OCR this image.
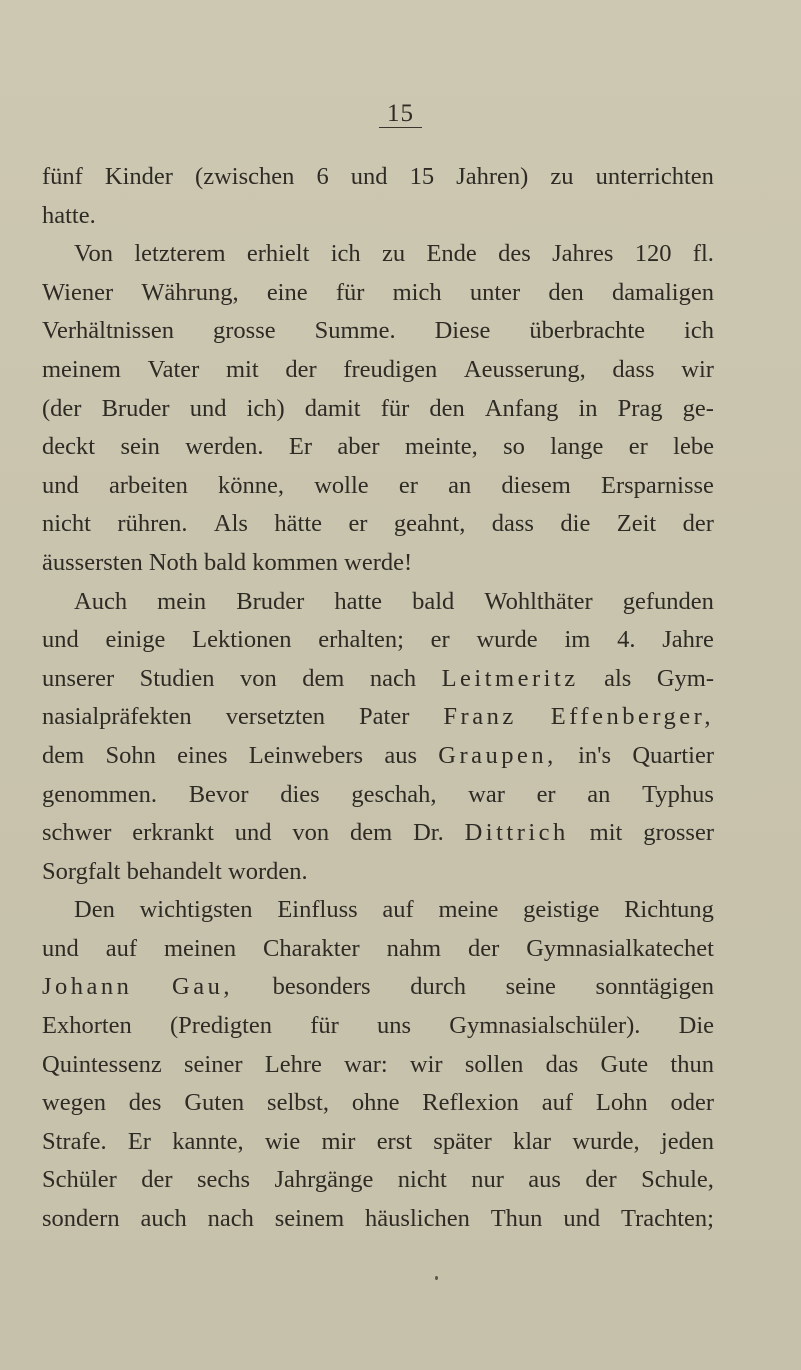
15
fünf Kinder (zwischen 6 und 15 Jahren) zu unterrichten
hatte.
Von letzterem erhielt ich zu Ende des Jahres 120 fl.
Wiener Währung, eine für mich unter den damaligen
Verhältnissen grosse Summe. Diese überbrachte ich
meinem Vater mit der freudigen Aeusserung, dass wir
(der Bruder und ich) damit für den Anfang in Prag ge-
deckt sein werden. Er aber meinte, so lange er lebe
und arbeiten könne, wolle er an diesem Ersparnisse
nicht rühren. Als hätte er geahnt, dass die Zeit der
äussersten Noth bald kommen werde!
Auch mein Bruder hatte bald Wohlthäter gefunden
und einige Lektionen erhalten; er wurde im 4. Jahre
unserer Studien von dem nach Leitmeritz als Gym-
nasialpräfekten versetzten Pater Franz Effenberger,
dem Sohn eines Leinwebers aus Graupen, in's Quartier
genommen. Bevor dies geschah, war er an Typhus
schwer erkrankt und von dem Dr. Dittrich mit grosser
Sorgfalt behandelt worden.
Den wichtigsten Einfluss auf meine geistige Richtung
und auf meinen Charakter nahm der Gymnasialkatechet
Johann Gau, besonders durch seine sonntägigen
Exhorten (Predigten für uns Gymnasialschüler). Die
Quintessenz seiner Lehre war: wir sollen das Gute thun
wegen des Guten selbst, ohne Reflexion auf Lohn oder
Strafe. Er kannte, wie mir erst später klar wurde, jeden
Schüler der sechs Jahrgänge nicht nur aus der Schule,
sondern auch nach seinem häuslichen Thun und Trachten;
